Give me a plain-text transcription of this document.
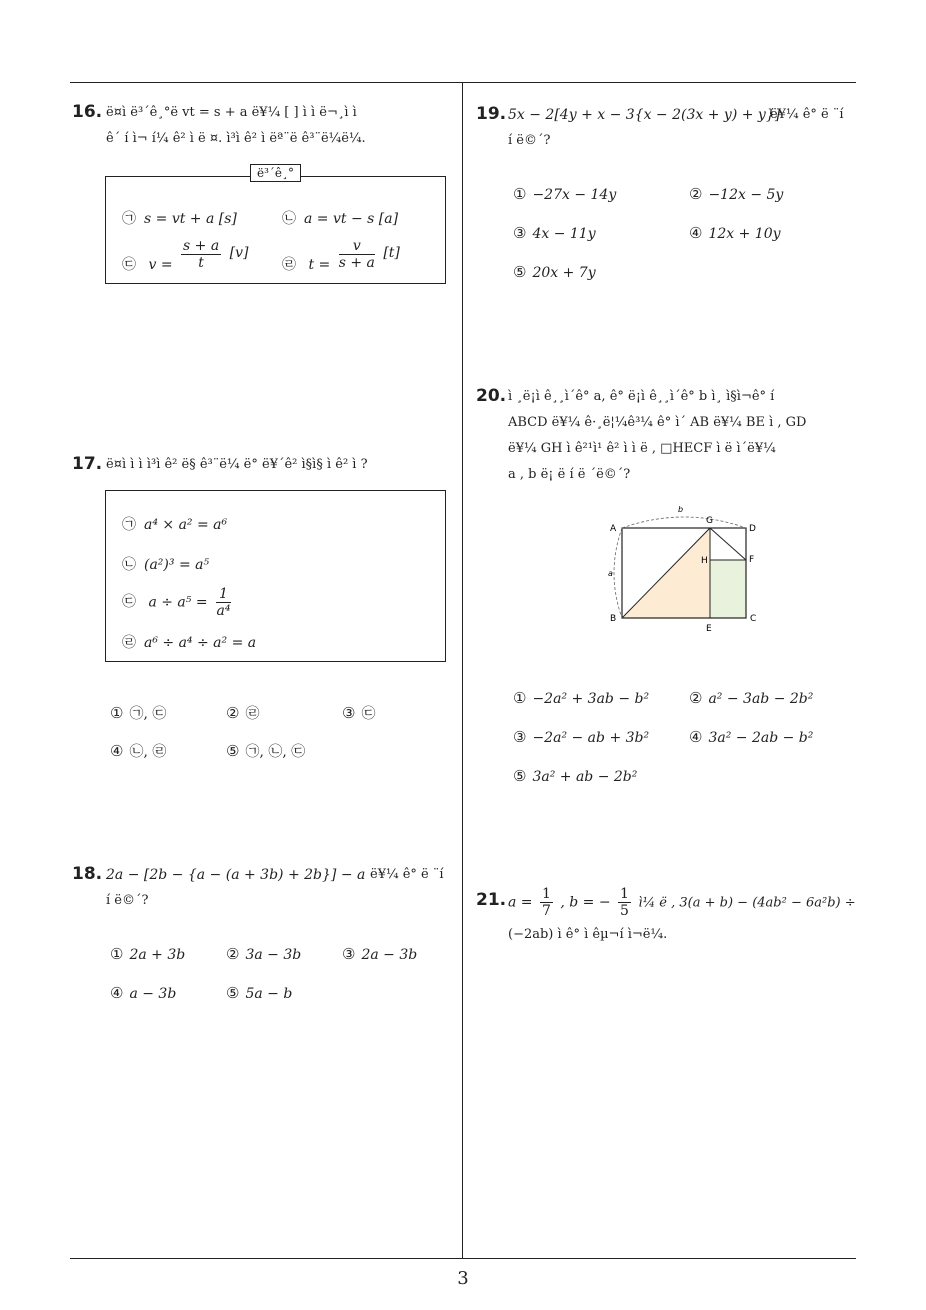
3
16. ë¤ì ë³´ê¸°ë vt = s + a ë¥¼ [ ] ì ì ë¬¸ì ì
ê´ í ì¬ í¼ ê² ì ë ¤. ì³ì ê² ì ëª¨ë ê³¨ë¼ë¼.
ë³´ê¸°
㉠ s = vt + a [s]	㉡ a = vt − s [a]
㉢ $v = \frac{s + a}{t} [v]$
㉣ $t = \frac{v}{s + a} [t]$
17. ë¤ì ì ì ì³ì ê² ë§ ê³¨ë¼ ë° ë¥´ê² ì§ì§ ì ê² ì ?
㉠ a⁴ × a² = a⁶
㉡ (a²)³ = a⁵
㉢ $a \div a^5 = \frac{1}{\text{a⁴}}$
㉣ a⁶ ÷ a⁴ ÷ a² = a
① ㉠, ㉢	② ㉣	③ ㉢
④ ㉡, ㉣	⑤ ㉠, ㉡, ㉢
18. 2a − [2b − {a − (a + 3b) + 2b}] − a ë¥¼ ê° ë ¨í
í ë©´?
① 2a + 3b	② 3a − 3b	③ 2a − 3b
④ a − 3b	⑤ 5a − b
19. 5x − 2[4y + x − 3{x − 2(3x + y) + y}]
ë¥¼ ê° ë ¨í
í ë©´?
① −27x − 14y	② −12x − 5y
③ 4x − 11y	④ 12x + 10y
⑤ 20x + 7y
20. ì ¸ë¡ì ê¸¸ì´ê° a, ê° ë¡ì ê¸¸ì´ê° b ì¸ ì§ì¬ê° í
ABCD ë¥¼ ê·¸ë¦¼ê³¼ ê° ì´ AB ë¥¼ BE ì , GD
ë¥¼ GH ì ê²¹ì¹ ê² ì ì ë , □HECF ì ë ì´ë¥¼
a , b ë¡ ë í ë ´ë©´?
A
B	C
D
E
F
G
H
b
a
① −2a² + 3ab − b²	② a² − 3ab − 2b²
③ −2a² − ab + 3b²	④ 3a² − 2ab − b²
⑤ 3a² + ab − 2b²
21. $a = \frac{1}{7}$ , b = − $\frac{1}{5}$ ì¼ ë , 3(a + b) − (4ab² − 6a²b) ÷
(−2ab) ì ê° ì êµ¬í ì¬ë¼.
